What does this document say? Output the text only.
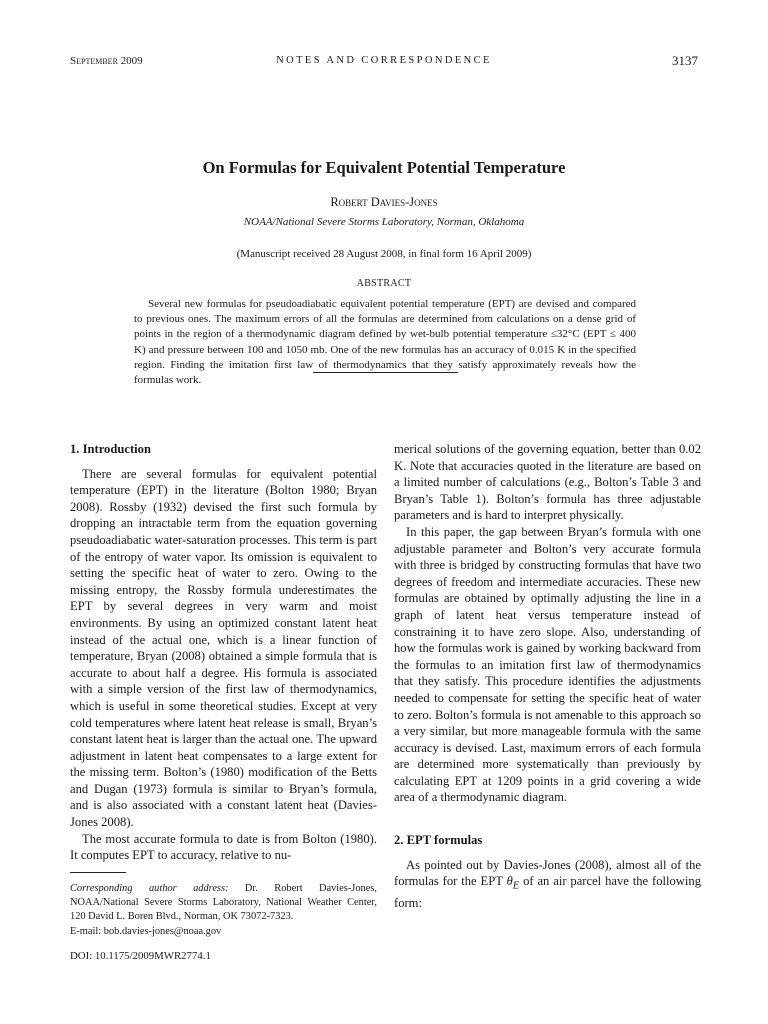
September 2009	NOTES AND CORRESPONDENCE	3137
On Formulas for Equivalent Potential Temperature
Robert Davies-Jones
NOAA/National Severe Storms Laboratory, Norman, Oklahoma
(Manuscript received 28 August 2008, in final form 16 April 2009)
ABSTRACT

Several new formulas for pseudoadiabatic equivalent potential temperature (EPT) are devised and compared to previous ones. The maximum errors of all the formulas are determined from calculations on a dense grid of points in the region of a thermodynamic diagram defined by wet-bulb potential temperature ≤32°C (EPT ≤ 400 K) and pressure between 100 and 1050 mb. One of the new formulas has an accuracy of 0.015 K in the specified region. Finding the imitation first law of thermodynamics that they satisfy approximately reveals how the formulas work.

1. Introduction

There are several formulas for equivalent potential temperature (EPT) in the literature (Bolton 1980; Bryan 2008). Rossby (1932) devised the first such formula by dropping an intractable term from the equation governing pseudoadiabatic water-saturation processes. This term is part of the entropy of water vapor. Its omission is equivalent to setting the specific heat of water to zero. Owing to the missing entropy, the Rossby formula underestimates the EPT by several degrees in very warm and moist environments. By using an optimized constant latent heat instead of the actual one, which is a linear function of temperature, Bryan (2008) obtained a simple formula that is accurate to about half a degree. His formula is associated with a simple version of the first law of thermodynamics, which is useful in some theoretical studies. Except at very cold temperatures where latent heat release is small, Bryan’s constant latent heat is larger than the actual one. The upward adjustment in latent heat compensates to a large extent for the missing term. Bolton’s (1980) modification of the Betts and Dugan (1973) formula is similar to Bryan’s formula, and is also associated with a constant latent heat (Davies-Jones 2008).

The most accurate formula to date is from Bolton (1980). It computes EPT to accuracy, relative to nu-

merical solutions of the governing equation, better than 0.02 K. Note that accuracies quoted in the literature are based on a limited number of calculations (e.g., Bolton’s Table 3 and Bryan’s Table 1). Bolton’s formula has three adjustable parameters and is hard to interpret physically.

In this paper, the gap between Bryan’s formula with one adjustable parameter and Bolton’s very accurate formula with three is bridged by constructing formulas that have two degrees of freedom and intermediate accuracies. These new formulas are obtained by optimally adjusting the line in a graph of latent heat versus temperature instead of constraining it to have zero slope. Also, understanding of how the formulas work is gained by working backward from the formulas to an imitation first law of thermodynamics that they satisfy. This procedure identifies the adjustments needed to compensate for setting the specific heat of water to zero. Bolton’s formula is not amenable to this approach so a very similar, but more manageable formula with the same accuracy is devised. Last, maximum errors of each formula are determined more systematically than previously by calculating EPT at 1209 points in a grid covering a wide area of a thermodynamic diagram.

2. EPT formulas

As pointed out by Davies-Jones (2008), almost all of the formulas for the EPT $\theta_E$ of an air parcel have the following form:

Corresponding author address: Dr. Robert Davies-Jones, NOAA/National Severe Storms Laboratory, National Weather Center, 120 David L. Boren Blvd., Norman, OK 73072-7323.
E-mail: bob.davies-jones@noaa.gov

DOI: 10.1175/2009MWR2774.1
